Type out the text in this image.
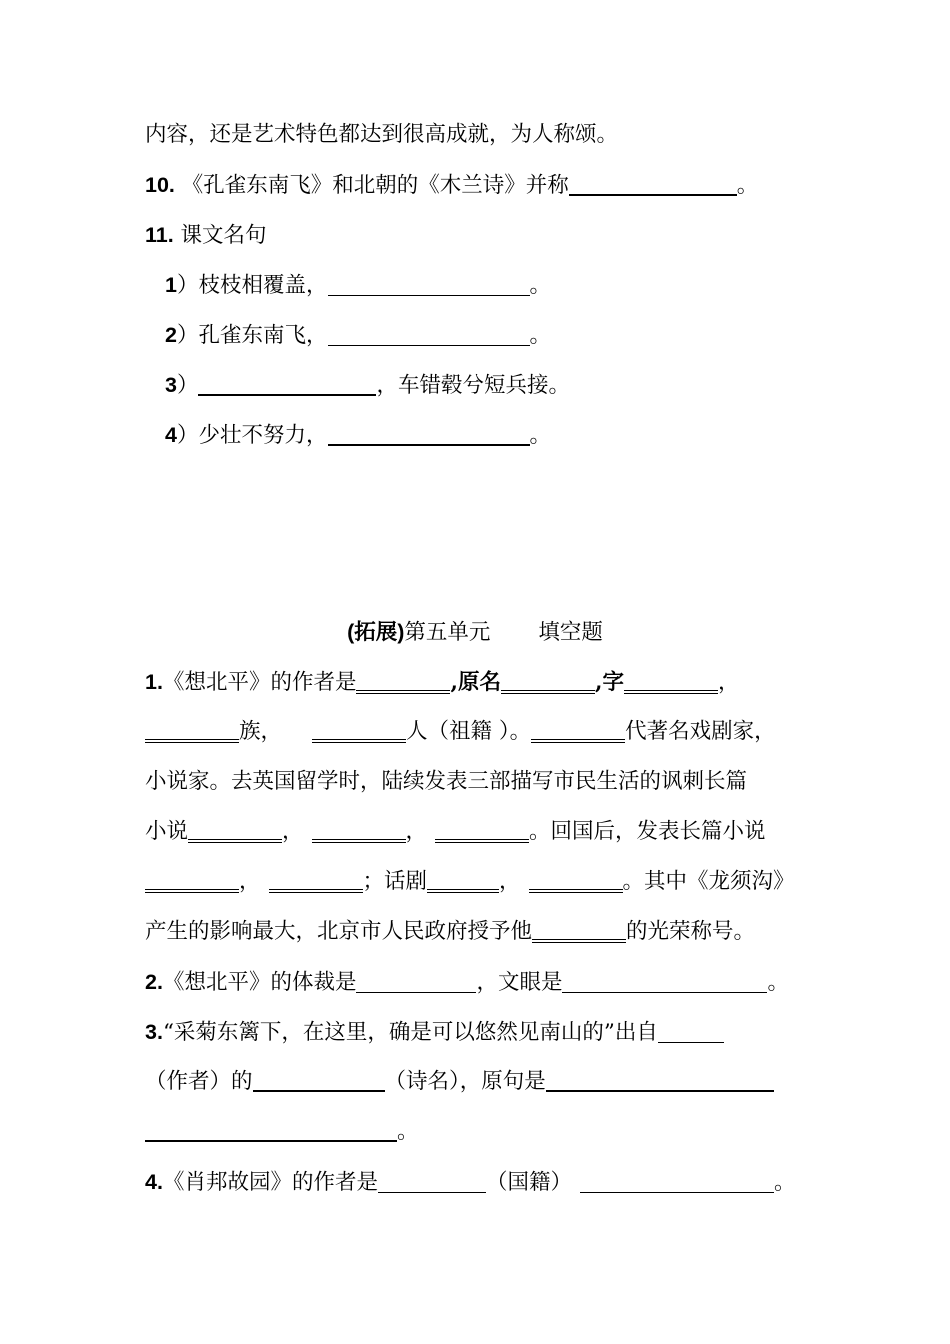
内容，还是艺术特色都达到很高成就，为人称颂。
10. 《孔雀东南飞》和北朝的《木兰诗》并称	。
11. 课文名句
1）枝枝相覆盖，	。
2）孔雀东南飞，	。
3）	，车错毂兮短兵接。
4）少壮不努力，	。
(拓展)第五单元 填空题
1.《想北平》的作者是	,原名	,字	，
族，	人（祖籍 ）。	代著名戏剧家，
小说家。去英国留学时，陆续发表三部描写市民生活的讽刺长篇
小说	，	，	。回国后，发表长篇小说
，	；话剧	，	。其中《龙须沟》
产生的影响最大，北京市人民政府授予他	的光荣称号。
2.《想北平》的体裁是	，文眼是	。
3.“采菊东篱下，在这里，确是可以悠然见南山的”出自
（作者）的	（诗名），原句是
。
4.《肖邦故园》的作者是	（国籍）	。
